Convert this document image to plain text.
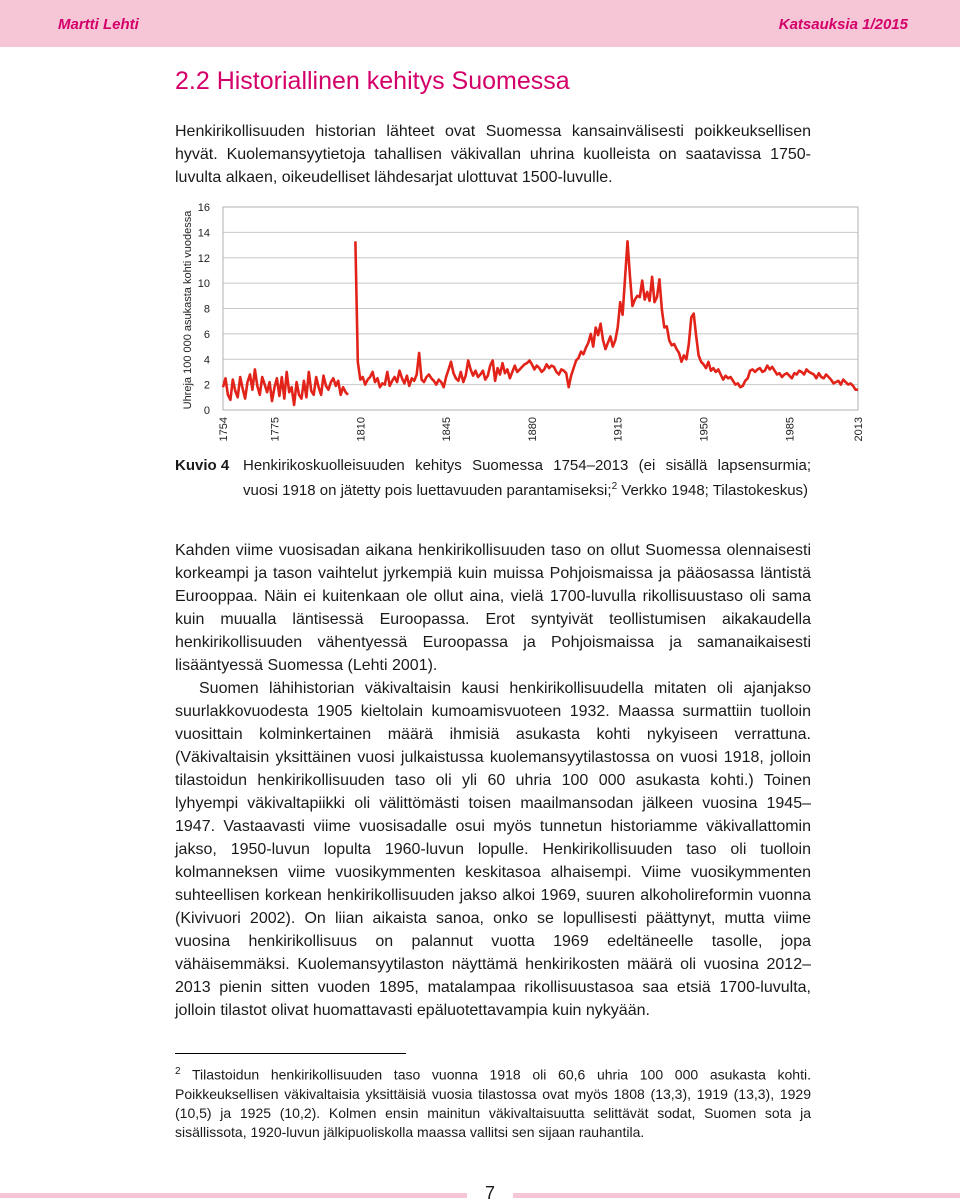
Martti Lehti	Katsauksia 1/2015
2.2 Historiallinen kehitys Suomessa

Henkirikollisuuden historian lähteet ovat Suomessa kansainvälisesti poikkeuksellisen hyvät. Kuolemansyytietoja tahallisen väkivallan uhrina kuolleista on saatavissa 1750-luvulta alkaen, oikeudelliset lähdesarjat ulottuvat 1500-luvulle.

0
2
4
6
8
10
12
14
16
1754	1775	1810	1845	1880	1915	1950	1985	2013
Uhreja 100 000 asukasta kohti vuodessa
Kuvio 4 Henkirikoskuolleisuuden kehitys Suomessa 1754–2013 (ei sisällä lapsensurmia; vuosi 1918 on jätetty pois luettavuuden parantamiseksi;$^2$ Verkko 1948; Tilastokeskus)

Kahden viime vuosisadan aikana henkirikollisuuden taso on ollut Suomessa olennaisesti korkeampi ja tason vaihtelut jyrkempiä kuin muissa Pohjoismaissa ja pääosassa läntistä Eurooppaa. Näin ei kuitenkaan ole ollut aina, vielä 1700-luvulla rikollisuustaso oli sama kuin muualla läntisessä Euroopassa. Erot syntyivät teollistumisen aikakaudella henkirikollisuuden vähentyessä Euroopassa ja Pohjoismaissa ja samanaikaisesti lisääntyessä Suomessa (Lehti 2001).

Suomen lähihistorian väkivaltaisin kausi henkirikollisuudella mitaten oli ajanjakso suurlakkovuodesta 1905 kieltolain kumoamisvuoteen 1932. Maassa surmattiin tuolloin vuosittain kolminkertainen määrä ihmisiä asukasta kohti nykyiseen verrattuna. (Väkivaltaisin yksittäinen vuosi julkaistussa kuolemansyytilastossa on vuosi 1918, jolloin tilastoidun henkirikollisuuden taso oli yli 60 uhria 100 000 asukasta kohti.) Toinen lyhyempi väkivaltapiikki oli välittömästi toisen maailmansodan jälkeen vuosina 1945–1947. Vastaavasti viime vuosisadalle osui myös tunnetun historiamme väkivallattomin jakso, 1950-luvun lopulta 1960-luvun lopulle. Henkirikollisuuden taso oli tuolloin kolmanneksen viime vuosikymmenten keskitasoa alhaisempi. Viime vuosikymmenten suhteellisen korkean henkirikollisuuden jakso alkoi 1969, suuren alkoholireformin vuonna (Kivivuori 2002). On liian aikaista sanoa, onko se lopullisesti päättynyt, mutta viime vuosina henkirikollisuus on palannut vuotta 1969 edeltäneelle tasolle, jopa vähäisemmäksi. Kuolemansyytilaston näyttämä henkirikosten määrä oli vuosina 2012–2013 pienin sitten vuoden 1895, matalampaa rikollisuustasoa saa etsiä 1700-luvulta, jolloin tilastot olivat huomattavasti epäluotettavampia kuin nykyään.

$^2$ Tilastoidun henkirikollisuuden taso vuonna 1918 oli 60,6 uhria 100 000 asukasta kohti. Poikkeuksellisen väkivaltaisia yksittäisiä vuosia tilastossa ovat myös 1808 (13,3), 1919 (13,3), 1929 (10,5) ja 1925 (10,2). Kolmen ensin mainitun väkivaltaisuutta selittävät sodat, Suomen sota ja sisällissota, 1920-luvun jälkipuoliskolla maassa vallitsi sen sijaan rauhantila.
7
